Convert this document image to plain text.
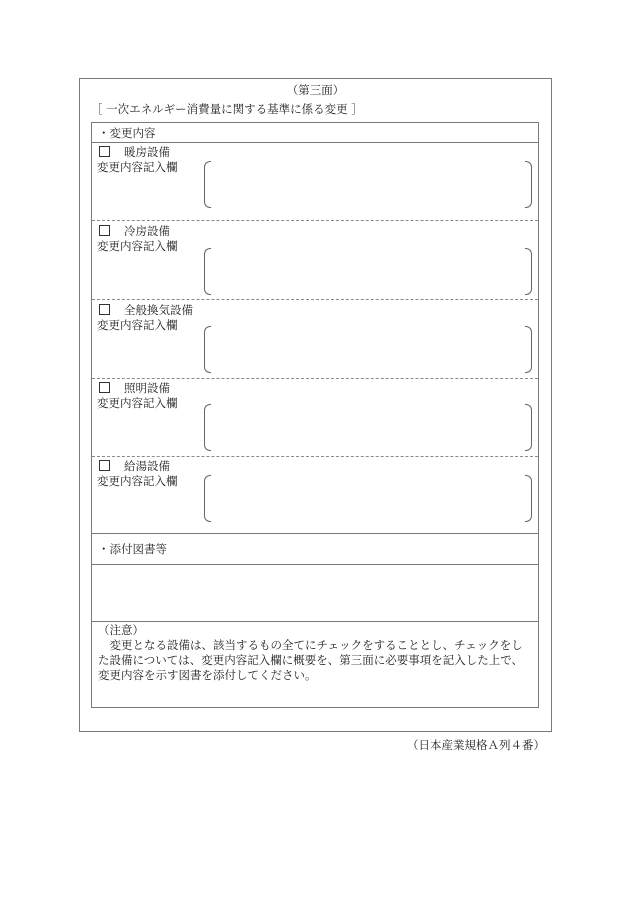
（第三面）
［ 一次エネルギー消費量に関する基準に係る変更 ］
・変更内容
暖房設備
変更内容記入欄
冷房設備
変更内容記入欄
全般換気設備
変更内容記入欄
照明設備
変更内容記入欄
給湯設備
変更内容記入欄
・添付図書等

（注意）

変更となる設備は、該当するもの全てにチェックをすることとし、チェックをした設備については、変更内容記入欄に概要を、第三面に必要事項を記入した上で、変更内容を示す図書を添付してください。

（日本産業規格Ａ列４番）
